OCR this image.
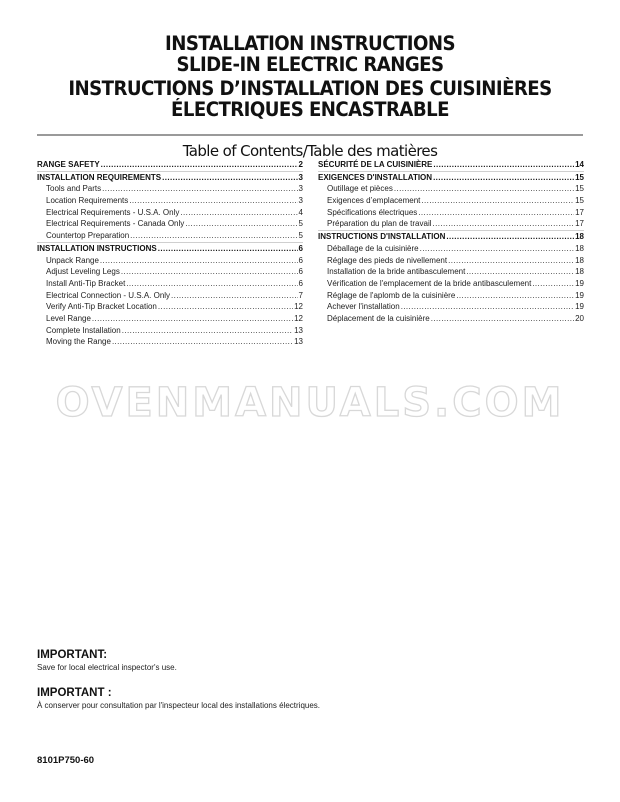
INSTALLATION INSTRUCTIONS
SLIDE-IN ELECTRIC RANGES
INSTRUCTIONS D’INSTALLATION DES CUISINIÈRES
ÉLECTRIQUES ENCASTRABLE
Table of Contents/Table des matières
RANGE SAFETY .....	2
INSTALLATION REQUIREMENTS .....	3
Tools and Parts .....	3
Location Requirements .....	3
Electrical Requirements - U.S.A. Only .....	4
Electrical Requirements - Canada Only .....	5
Countertop Preparation .....	5
INSTALLATION INSTRUCTIONS .....	6
Unpack Range .....	6
Adjust Leveling Legs .....	6
Install Anti-Tip Bracket .....	6
Electrical Connection - U.S.A. Only .....	7
Verify Anti-Tip Bracket Location .....	12
Level Range .....	12
Complete Installation .....	13
Moving the Range .....	13
SÉCURITÉ DE LA CUISINIÈRE .....	14
EXIGENCES D'INSTALLATION .....	15
Outillage et pièces .....	15
Exigences d’emplacement .....	15
Spécifications électriques .....	17
Préparation du plan de travail .....	17
INSTRUCTIONS D'INSTALLATION .....	18
Déballage de la cuisinière .....	18
Réglage des pieds de nivellement .....	18
Installation de la bride antibasculement .....	18
Vérification de l'emplacement de la bride antibasculement .....	19
Réglage de l'aplomb de la cuisinière .....	19
Achever l'installation .....	19
Déplacement de la cuisinière .....	20
OVENMANUALS.COM
IMPORTANT:
Save for local electrical inspector's use.
IMPORTANT :
À conserver pour consultation par l'inspecteur local des installations électriques.
8101P750-60
